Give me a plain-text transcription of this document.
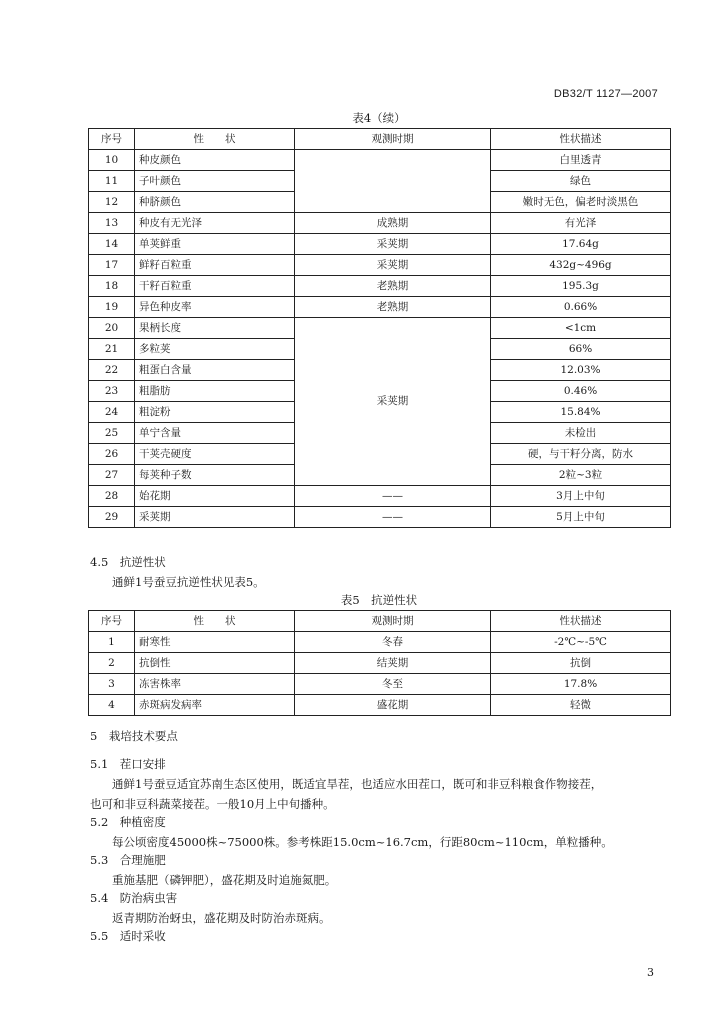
DB32/T 1127—2007
表4（续）
序号	性　　状	观测时期	性状描述
10	种皮颜色		白里透青
11	子叶颜色		绿色
12	种脐颜色		嫩时无色，偏老时淡黑色
13	种皮有无光泽	成熟期	有光泽
14	单荚鲜重	采荚期	17.64g
17	鲜籽百粒重	采荚期	432g~496g
18	干籽百粒重	老熟期	195.3g
19	异色种皮率	老熟期	0.66%
20	果柄长度	采荚期	<1cm
21	多粒荚		66%
22	粗蛋白含量		12.03%
23	粗脂肪		0.46%
24	粗淀粉		15.84%
25	单宁含量		未检出
26	干荚壳硬度		硬，与干籽分离，防水
27	每荚种子数		2粒~3粒
28	始花期	——	3月上中旬
29	采荚期	——	5月上中旬
4.5　 抗逆性状
通鲜1号蚕豆抗逆性状见表5。
表5　抗逆性状
序号	性　　状	观测时期	性状描述
1	耐寒性	冬春	-2℃~-5℃
2	抗倒性	结荚期	抗倒
3	冻害株率	冬至	17.8%
4	赤斑病发病率	盛花期	轻微
5　 栽培技术要点
5.1　 茬口安排
通鲜1号蚕豆适宜苏南生态区使用，既适宜旱茬，也适应水田茬口，既可和非豆科粮食作物接茬，
也可和非豆科蔬菜接茬。一般10月上中旬播种。
5.2　 种植密度
每公顷密度45000株~75000株。参考株距15.0cm~16.7cm，行距80cm~110cm，单粒播种。
5.3　 合理施肥
重施基肥（磷钾肥），盛花期及时追施氮肥。
5.4　 防治病虫害
返青期防治蚜虫，盛花期及时防治赤斑病。
5.5　 适时采收
3
